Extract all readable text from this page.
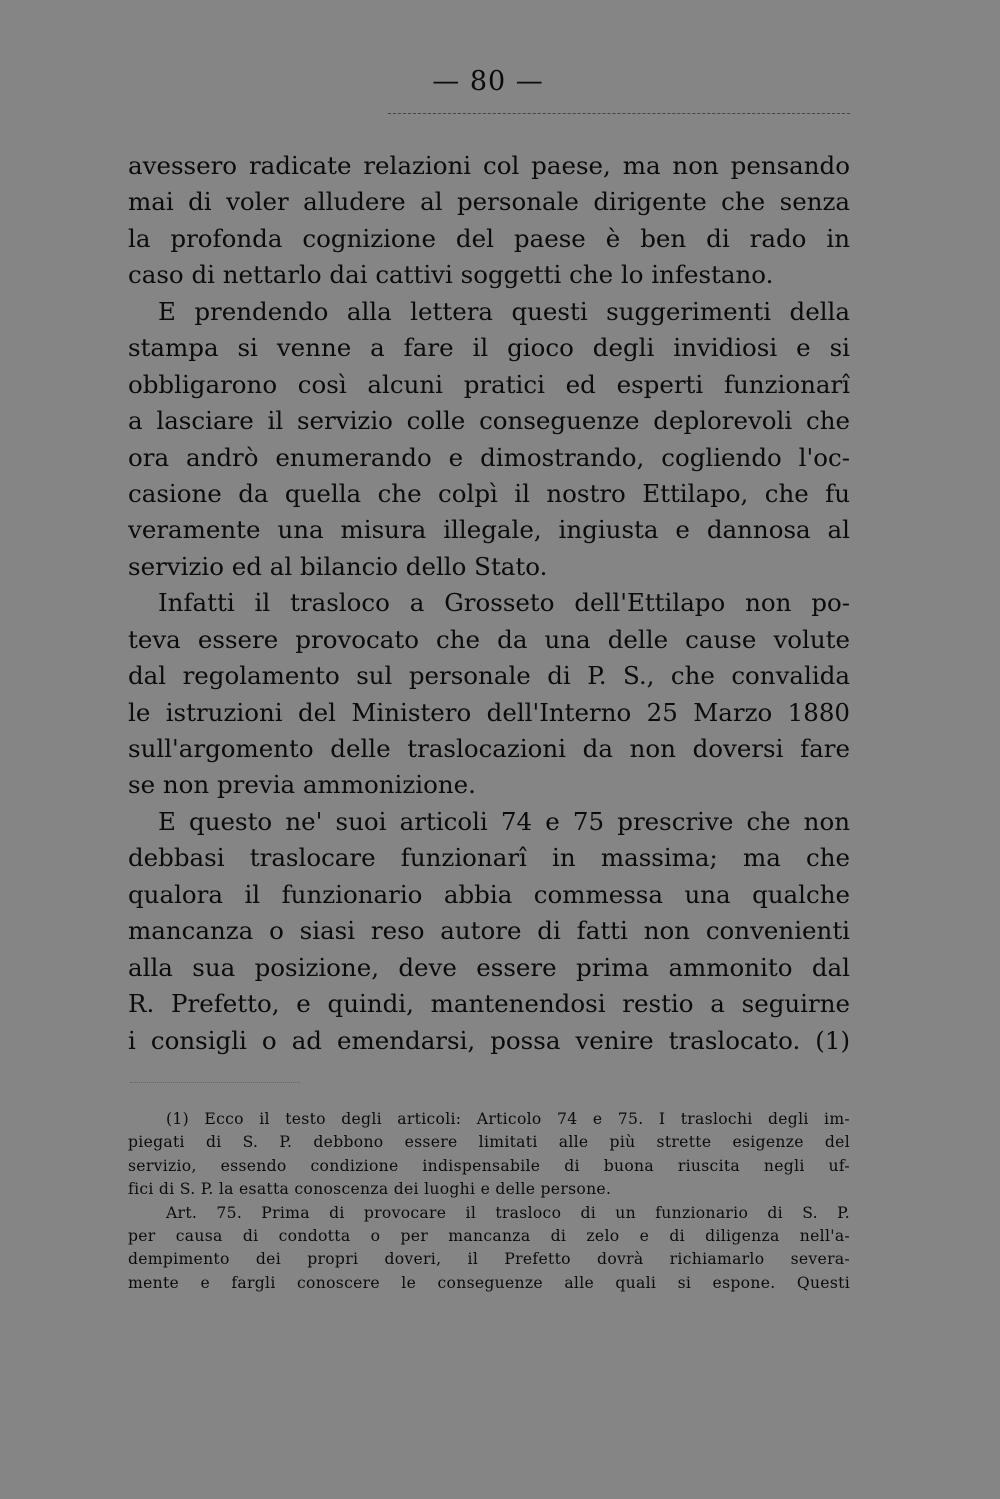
— 80 —
avessero radicate relazioni col paese, ma non pensando
mai di voler alludere al personale dirigente che senza
la profonda cognizione del paese è ben di rado in
caso di nettarlo dai cattivi soggetti che lo infestano.
E prendendo alla lettera questi suggerimenti della
stampa si venne a fare il gioco degli invidiosi e si
obbligarono così alcuni pratici ed esperti funzionarî
a lasciare il servizio colle conseguenze deplorevoli che
ora andrò enumerando e dimostrando, cogliendo l'oc-
casione da quella che colpì il nostro Ettilapo, che fu
veramente una misura illegale, ingiusta e dannosa al
servizio ed al bilancio dello Stato.
Infatti il trasloco a Grosseto dell'Ettilapo non po-
teva essere provocato che da una delle cause volute
dal regolamento sul personale di P. S., che convalida
le istruzioni del Ministero dell'Interno 25 Marzo 1880
sull'argomento delle traslocazioni da non doversi fare
se non previa ammonizione.
E questo ne' suoi articoli 74 e 75 prescrive che non
debbasi traslocare funzionarî in massima; ma che
qualora il funzionario abbia commessa una qualche
mancanza o siasi reso autore di fatti non convenienti
alla sua posizione, deve essere prima ammonito dal
R. Prefetto, e quindi, mantenendosi restio a seguirne
i consigli o ad emendarsi, possa venire traslocato. (1)
(1) Ecco il testo degli articoli: Articolo 74 e 75. I traslochi degli im-
piegati di S. P. debbono essere limitati alle più strette esigenze del
servizio, essendo condizione indispensabile di buona riuscita negli uf-
fici di S. P. la esatta conoscenza dei luoghi e delle persone.
Art. 75. Prima di provocare il trasloco di un funzionario di S. P.
per causa di condotta o per mancanza di zelo e di diligenza nell'a-
dempimento dei propri doveri, il Prefetto dovrà richiamarlo severa-
mente e fargli conoscere le conseguenze alle quali si espone. Questi
